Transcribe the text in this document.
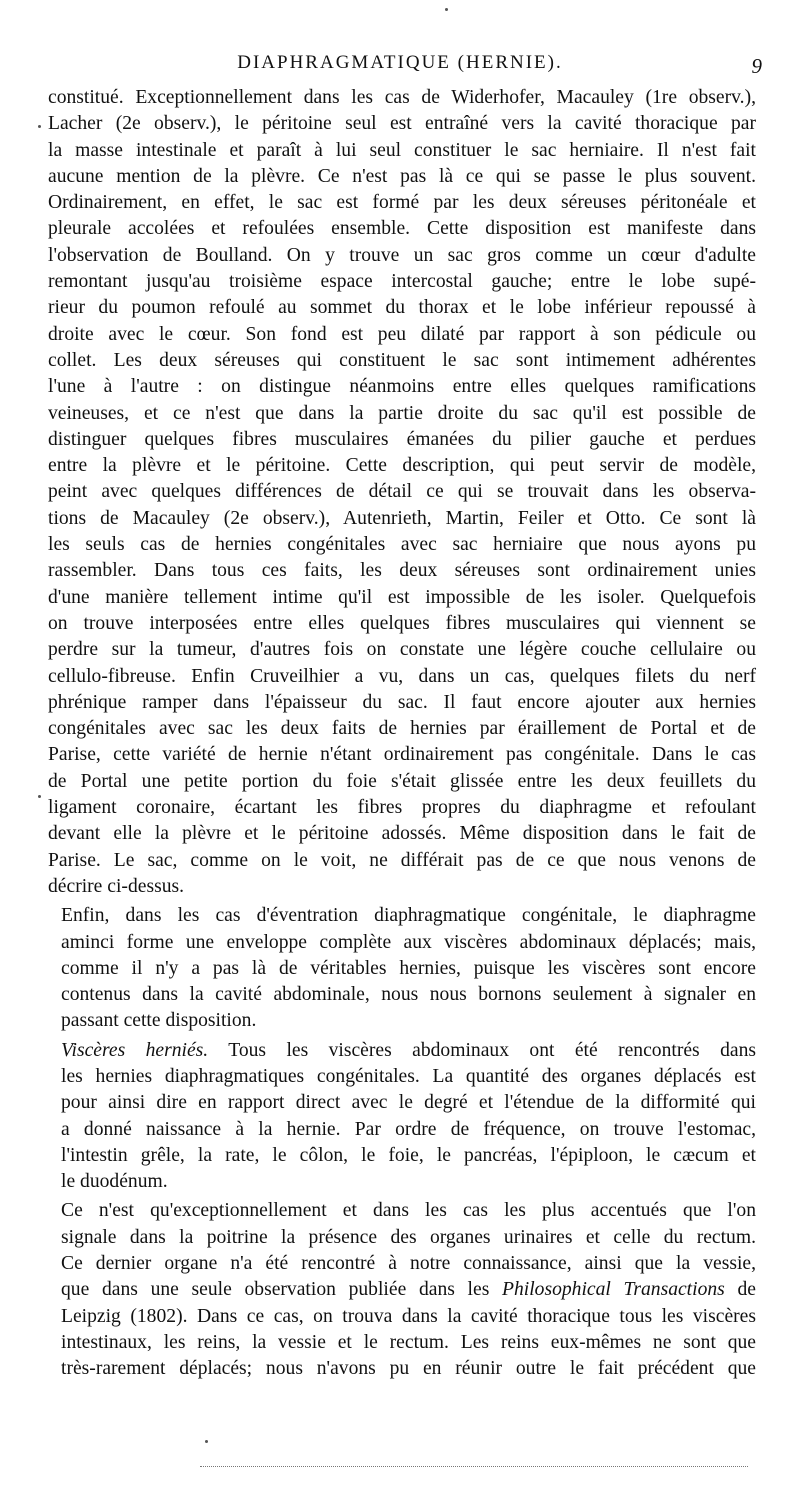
DIAPHRAGMATIQUE (HERNIE).	9
constitué. Exceptionnellement dans les cas de Widerhofer, Macauley (1re observ.),
Lacher (2e observ.), le péritoine seul est entraîné vers la cavité thoracique par
la masse intestinale et paraît à lui seul constituer le sac herniaire. Il n'est fait
aucune mention de la plèvre. Ce n'est pas là ce qui se passe le plus souvent.
Ordinairement, en effet, le sac est formé par les deux séreuses péritonéale et
pleurale accolées et refoulées ensemble. Cette disposition est manifeste dans
l'observation de Boulland. On y trouve un sac gros comme un cœur d'adulte
remontant jusqu'au troisième espace intercostal gauche; entre le lobe supé-
rieur du poumon refoulé au sommet du thorax et le lobe inférieur repoussé à
droite avec le cœur. Son fond est peu dilaté par rapport à son pédicule ou
collet. Les deux séreuses qui constituent le sac sont intimement adhérentes
l'une à l'autre : on distingue néanmoins entre elles quelques ramifications
veineuses, et ce n'est que dans la partie droite du sac qu'il est possible de
distinguer quelques fibres musculaires émanées du pilier gauche et perdues
entre la plèvre et le péritoine. Cette description, qui peut servir de modèle,
peint avec quelques différences de détail ce qui se trouvait dans les observa-
tions de Macauley (2e observ.), Autenrieth, Martin, Feiler et Otto. Ce sont là
les seuls cas de hernies congénitales avec sac herniaire que nous ayons pu
rassembler. Dans tous ces faits, les deux séreuses sont ordinairement unies
d'une manière tellement intime qu'il est impossible de les isoler. Quelquefois
on trouve interposées entre elles quelques fibres musculaires qui viennent se
perdre sur la tumeur, d'autres fois on constate une légère couche cellulaire ou
cellulo-fibreuse. Enfin Cruveilhier a vu, dans un cas, quelques filets du nerf
phrénique ramper dans l'épaisseur du sac. Il faut encore ajouter aux hernies
congénitales avec sac les deux faits de hernies par éraillement de Portal et de
Parise, cette variété de hernie n'étant ordinairement pas congénitale. Dans le cas
de Portal une petite portion du foie s'était glissée entre les deux feuillets du
ligament coronaire, écartant les fibres propres du diaphragme et refoulant
devant elle la plèvre et le péritoine adossés. Même disposition dans le fait de
Parise. Le sac, comme on le voit, ne différait pas de ce que nous venons de
décrire ci-dessus.
Enfin, dans les cas d'éventration diaphragmatique congénitale, le diaphragme
aminci forme une enveloppe complète aux viscères abdominaux déplacés; mais,
comme il n'y a pas là de véritables hernies, puisque les viscères sont encore
contenus dans la cavité abdominale, nous nous bornons seulement à signaler en
passant cette disposition.
Viscères herniés. Tous les viscères abdominaux ont été rencontrés dans
les hernies diaphragmatiques congénitales. La quantité des organes déplacés est
pour ainsi dire en rapport direct avec le degré et l'étendue de la difformité qui
a donné naissance à la hernie. Par ordre de fréquence, on trouve l'estomac,
l'intestin grêle, la rate, le côlon, le foie, le pancréas, l'épiploon, le cæcum et
le duodénum.
Ce n'est qu'exceptionnellement et dans les cas les plus accentués que l'on
signale dans la poitrine la présence des organes urinaires et celle du rectum.
Ce dernier organe n'a été rencontré à notre connaissance, ainsi que la vessie,
que dans une seule observation publiée dans les Philosophical Transactions de
Leipzig (1802). Dans ce cas, on trouva dans la cavité thoracique tous les viscères
intestinaux, les reins, la vessie et le rectum. Les reins eux-mêmes ne sont que
très-rarement déplacés; nous n'avons pu en réunir outre le fait précédent que
